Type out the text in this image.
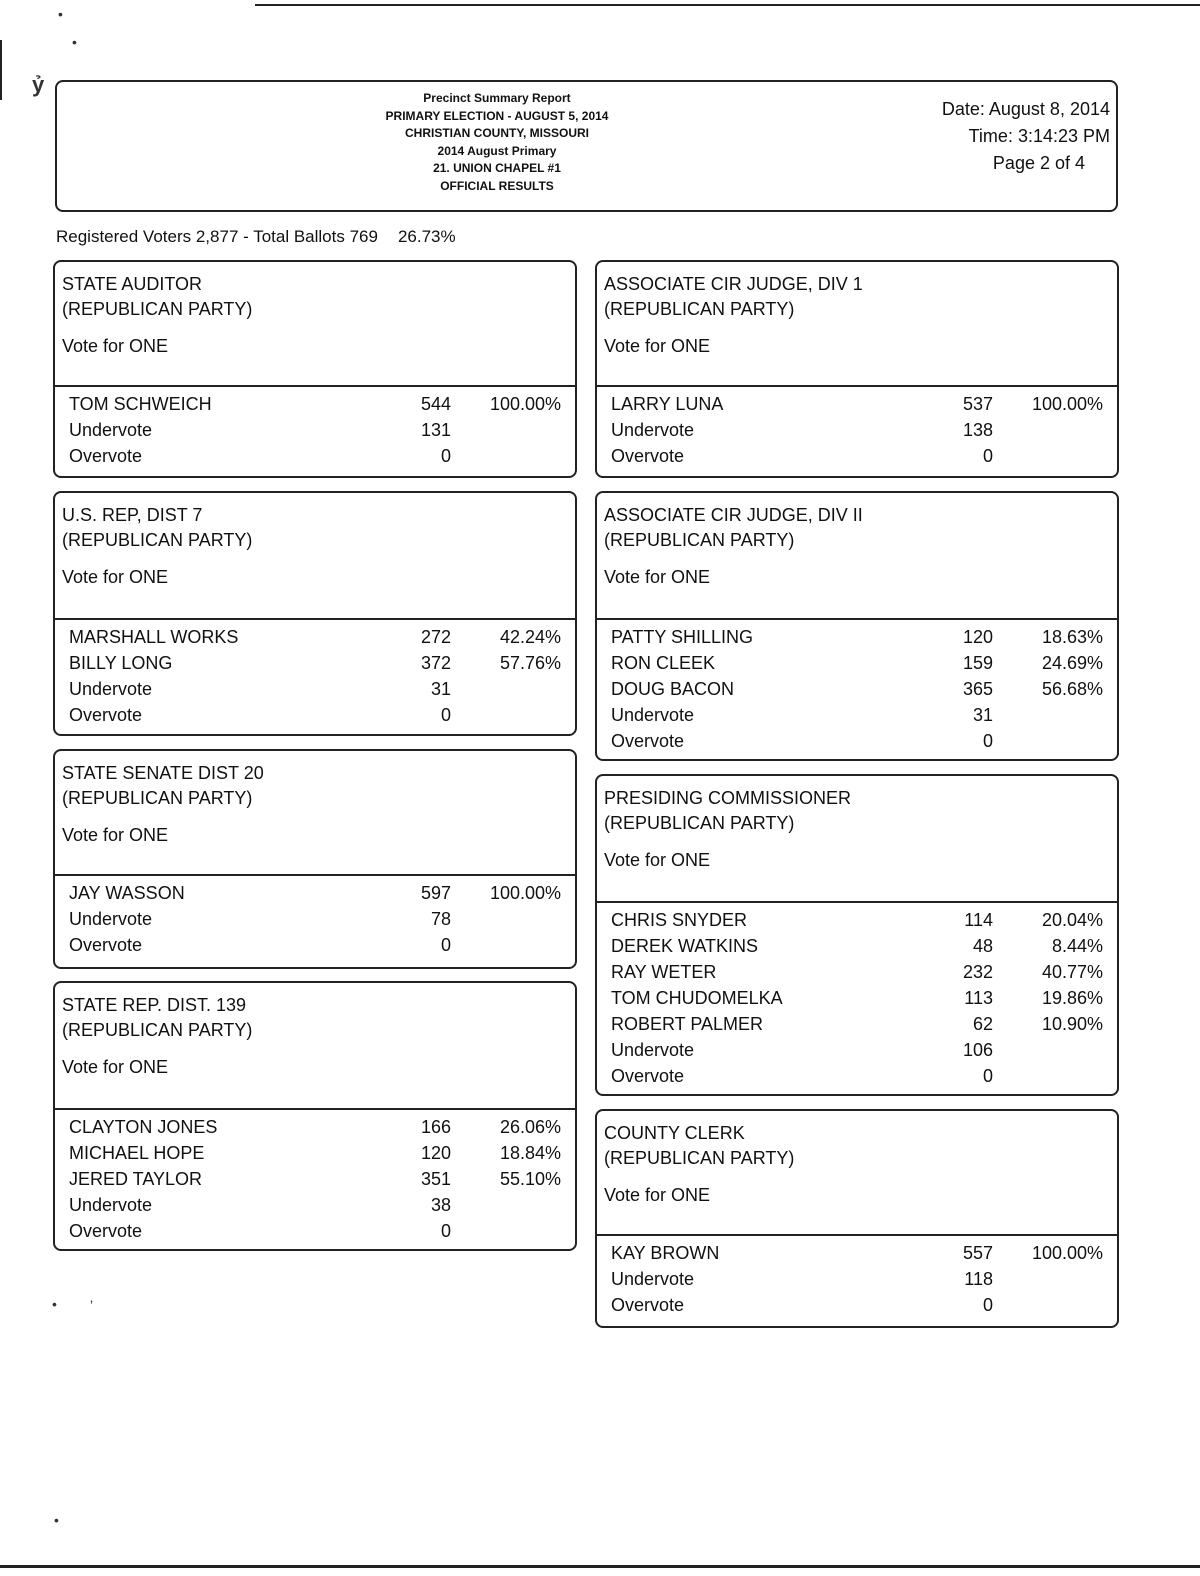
•
•
ỷ
• ʼ
•
Precinct Summary Report
PRIMARY ELECTION - AUGUST 5, 2014
CHRISTIAN COUNTY, MISSOURI
2014 August Primary
21. UNION CHAPEL #1
OFFICIAL RESULTS
Date: August 8, 2014
Time: 3:14:23 PM
Page 2 of 4
Registered Voters 2,877 - Total Ballots 769 26.73%
STATE AUDITOR
(REPUBLICAN PARTY)
Vote for ONE
TOM SCHWEICH	544 100.00%
Undervote	131
Overvote	0
U.S. REP, DIST 7
(REPUBLICAN PARTY)
Vote for ONE
MARSHALL WORKS	272	42.24%
BILLY LONG	372	57.76%
Undervote	31
Overvote	0
STATE SENATE DIST 20
(REPUBLICAN PARTY)
Vote for ONE
JAY WASSON	597 100.00%
Undervote	78
Overvote	0
STATE REP. DIST. 139
(REPUBLICAN PARTY)
Vote for ONE
CLAYTON JONES	166	26.06%
MICHAEL HOPE	120	18.84%
JERED TAYLOR	351	55.10%
Undervote	38
Overvote	0
ASSOCIATE CIR JUDGE, DIV 1
(REPUBLICAN PARTY)
Vote for ONE
LARRY LUNA	537 100.00%
Undervote	138
Overvote	0
ASSOCIATE CIR JUDGE, DIV II
(REPUBLICAN PARTY)
Vote for ONE
PATTY SHILLING	120	18.63%
RON CLEEK	159	24.69%
DOUG BACON	365	56.68%
Undervote	31
Overvote	0
PRESIDING COMMISSIONER
(REPUBLICAN PARTY)
Vote for ONE
CHRIS SNYDER	114	20.04%
DEREK WATKINS	48	8.44%
RAY WETER	232	40.77%
TOM CHUDOMELKA	113	19.86%
ROBERT PALMER	62	10.90%
Undervote	106
Overvote	0
COUNTY CLERK
(REPUBLICAN PARTY)
Vote for ONE
KAY BROWN	557 100.00%
Undervote	118
Overvote	0
